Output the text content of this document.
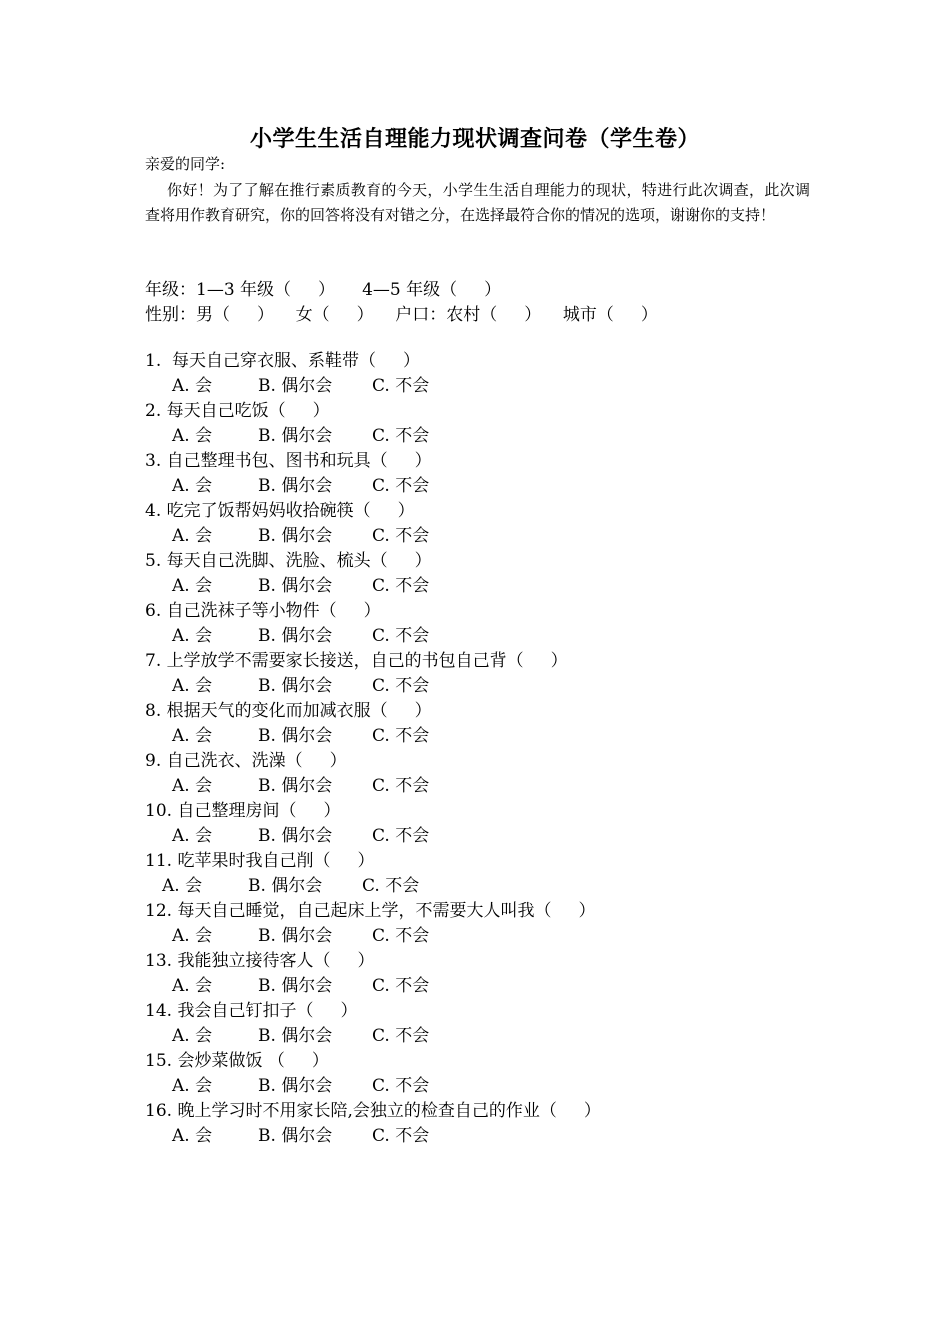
小学生生活自理能力现状调查问卷（学生卷）
亲爱的同学:
你好！为了了解在推行素质教育的今天，小学生生活自理能力的现状，特进行此次调查，此次调查将用作教育研究，你的回答将没有对错之分，在选择最符合你的情况的选项，谢谢你的支持！
年级：1—3 年级（     ）     4—5 年级（     ）
性别：男（     ）    女（     ）    户口：农村（     ）    城市（     ）
1.  每天自己穿衣服、系鞋带（     ）
A. 会	B. 偶尔会 C. 不会
2. 每天自己吃饭（     ）
A. 会	B. 偶尔会 C. 不会
3. 自己整理书包、图书和玩具（     ）
A. 会	B. 偶尔会 C. 不会
4. 吃完了饭帮妈妈收拾碗筷（     ）
A. 会	B. 偶尔会 C. 不会
5. 每天自己洗脚、洗脸、梳头（     ）
A. 会	B. 偶尔会 C. 不会
6. 自己洗袜子等小物件（     ）
A. 会	B. 偶尔会 C. 不会
7. 上学放学不需要家长接送，自己的书包自己背（     ）
A. 会	B. 偶尔会 C. 不会
8. 根据天气的变化而加减衣服（     ）
A. 会	B. 偶尔会 C. 不会
9. 自己洗衣、洗澡（     ）
A. 会	B. 偶尔会 C. 不会
10. 自己整理房间（     ）
A. 会	B. 偶尔会 C. 不会
11. 吃苹果时我自己削（     ）
A. 会	B. 偶尔会 C. 不会
12. 每天自己睡觉，自己起床上学，不需要大人叫我（     ）
A. 会	B. 偶尔会 C. 不会
13. 我能独立接待客人（     ）
A. 会	B. 偶尔会 C. 不会
14. 我会自己钉扣子（     ）
A. 会	B. 偶尔会 C. 不会
15. 会炒菜做饭 （     ）
A. 会	B. 偶尔会 C. 不会
16. 晚上学习时不用家长陪,会独立的检查自己的作业（     ）
A. 会	B. 偶尔会 C. 不会
